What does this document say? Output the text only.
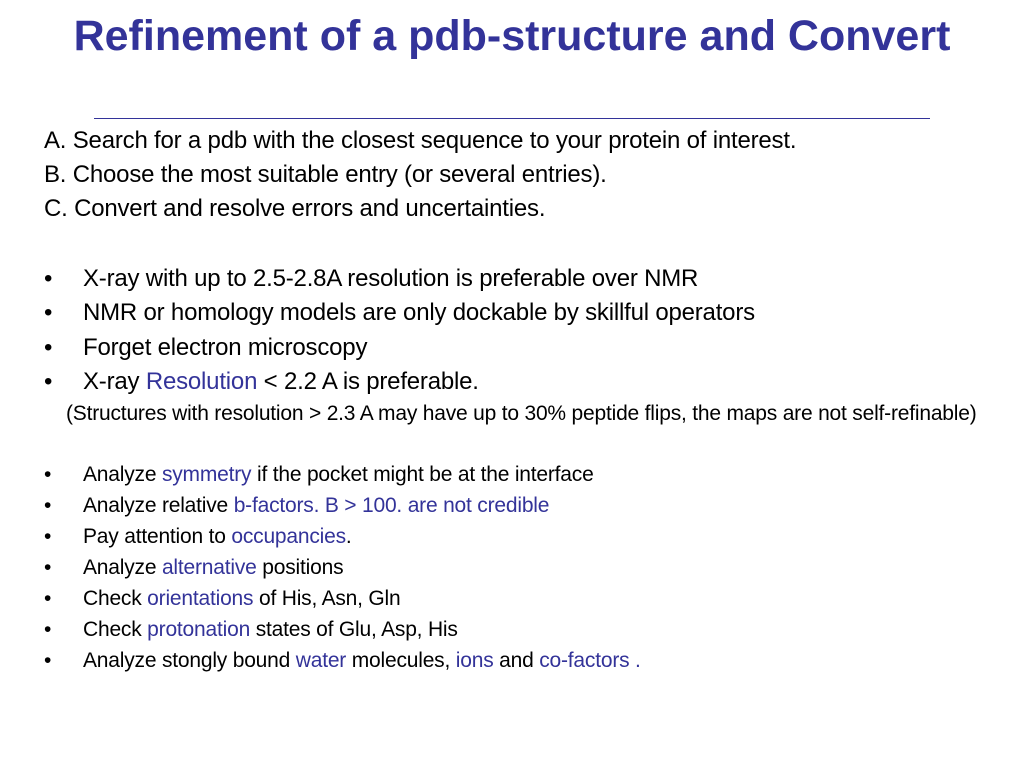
Refinement of a pdb-structure and Convert
A. Search for a pdb with the closest sequence to your protein of interest.
B. Choose the most suitable entry (or several entries).
C. Convert and resolve errors and uncertainties.
• X-ray with up to 2.5-2.8A resolution is preferable over NMR
• NMR or homology models are only dockable by skillful operators
• Forget electron microscopy
• X-ray Resolution < 2.2 A is preferable.
(Structures with resolution > 2.3 A may have up to 30% peptide flips, the maps are not self-refinable)
• Analyze symmetry if the pocket might be at the interface
• Analyze relative b-factors. B > 100. are not credible
• Pay attention to occupancies.
• Analyze alternative positions
• Check orientations of His, Asn, Gln
• Check protonation states of Glu, Asp, His
• Analyze stongly bound water molecules, ions and co-factors .
